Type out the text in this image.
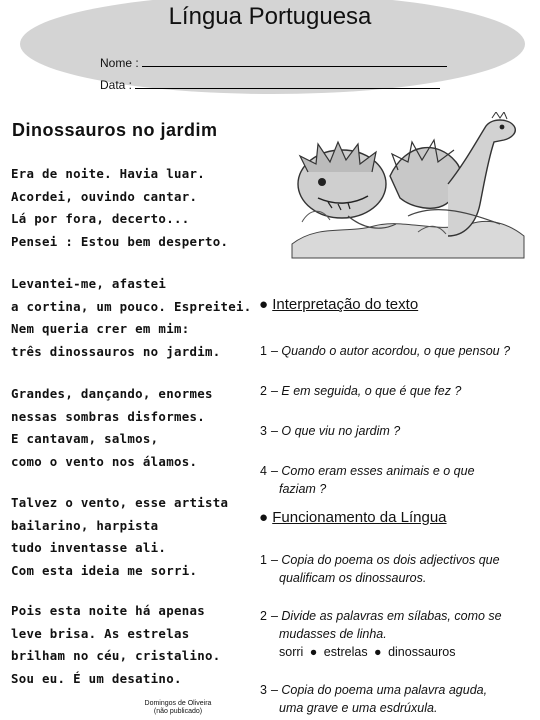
Língua Portuguesa
Nome :
Data :
Dinossauros no jardim
Era de noite. Havia luar.
Acordei, ouvindo cantar.
Lá por fora, decerto...
Pensei : Estou bem desperto.
Levantei-me, afastei
a cortina, um pouco. Espreitei.
Nem queria crer em mim:
três dinossauros no jardim.
Grandes, dançando, enormes
nessas sombras disformes.
E cantavam, salmos,
como o vento nos álamos.
Talvez o vento, esse artista
bailarino, harpista
tudo inventasse ali.
Com esta ideia me sorri.
Pois esta noite há apenas
leve brisa. As estrelas
brilham no céu, cristalino.
Sou eu. É um desatino.
Domingos de Oliveira
(não publicado)
● Interpretação do texto
1 – Quando o autor acordou, o que pensou ?
2 – E em seguida, o que é que fez ?
3 – O que viu no jardim ?
4 – Como eram esses animais e o que
faziam ?
● Funcionamento da Língua
1 – Copia do poema os dois adjectivos que
qualificam os dinossauros.
2 – Divide as palavras em sílabas, como se
mudasses de linha.
sorri ● estrelas ● dinossauros
3 – Copia do poema uma palavra aguda,
uma grave e uma esdrúxula.
